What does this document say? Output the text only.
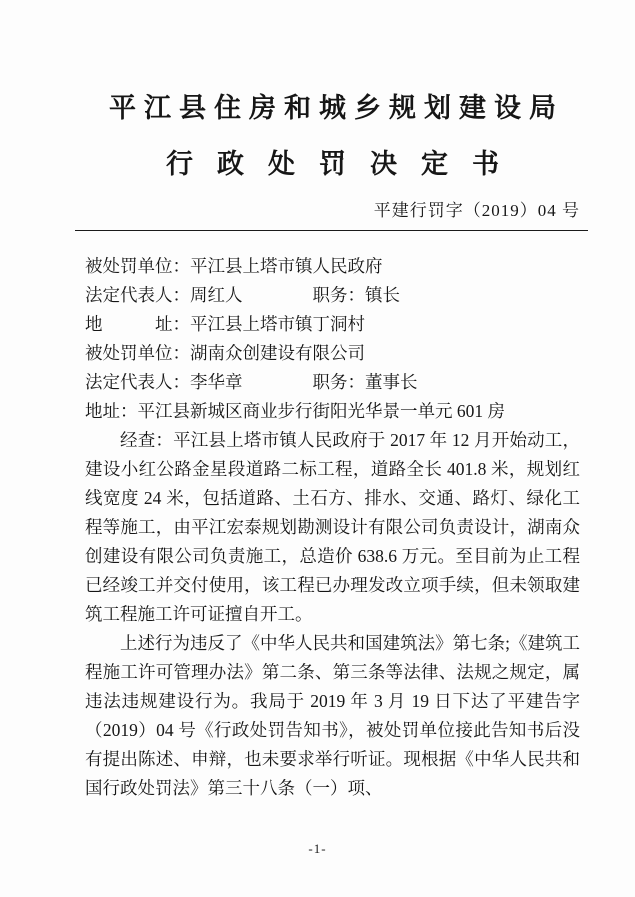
平江县住房和城乡规划建设局
行政处罚决定书
平建行罚字（2019）04 号

被处罚单位：平江县上塔市镇人民政府

法定代表人：周红人　　　　职务：镇长

地　　　址：平江县上塔市镇丁洞村

被处罚单位：湖南众创建设有限公司

法定代表人：李华章　　　　职务：董事长

地址：平江县新城区商业步行街阳光华景一单元 601 房

经查：平江县上塔市镇人民政府于 2017 年 12 月开始动工，建设小红公路金星段道路二标工程，道路全长 401.8 米，规划红线宽度 24 米，包括道路、土石方、排水、交通、路灯、绿化工程等施工，由平江宏泰规划勘测设计有限公司负责设计，湖南众创建设有限公司负责施工，总造价 638.6 万元。至目前为止工程已经竣工并交付使用，该工程已办理发改立项手续，但未领取建筑工程施工许可证擅自开工。

上述行为违反了《中华人民共和国建筑法》第七条;《建筑工程施工许可管理办法》第二条、第三条等法律、法规之规定，属违法违规建设行为。我局于 2019 年 3 月 19 日下达了平建告字（2019）04 号《行政处罚告知书》，被处罚单位接此告知书后没有提出陈述、申辩，也未要求举行听证。现根据《中华人民共和国行政处罚法》第三十八条（一）项、

-1-
